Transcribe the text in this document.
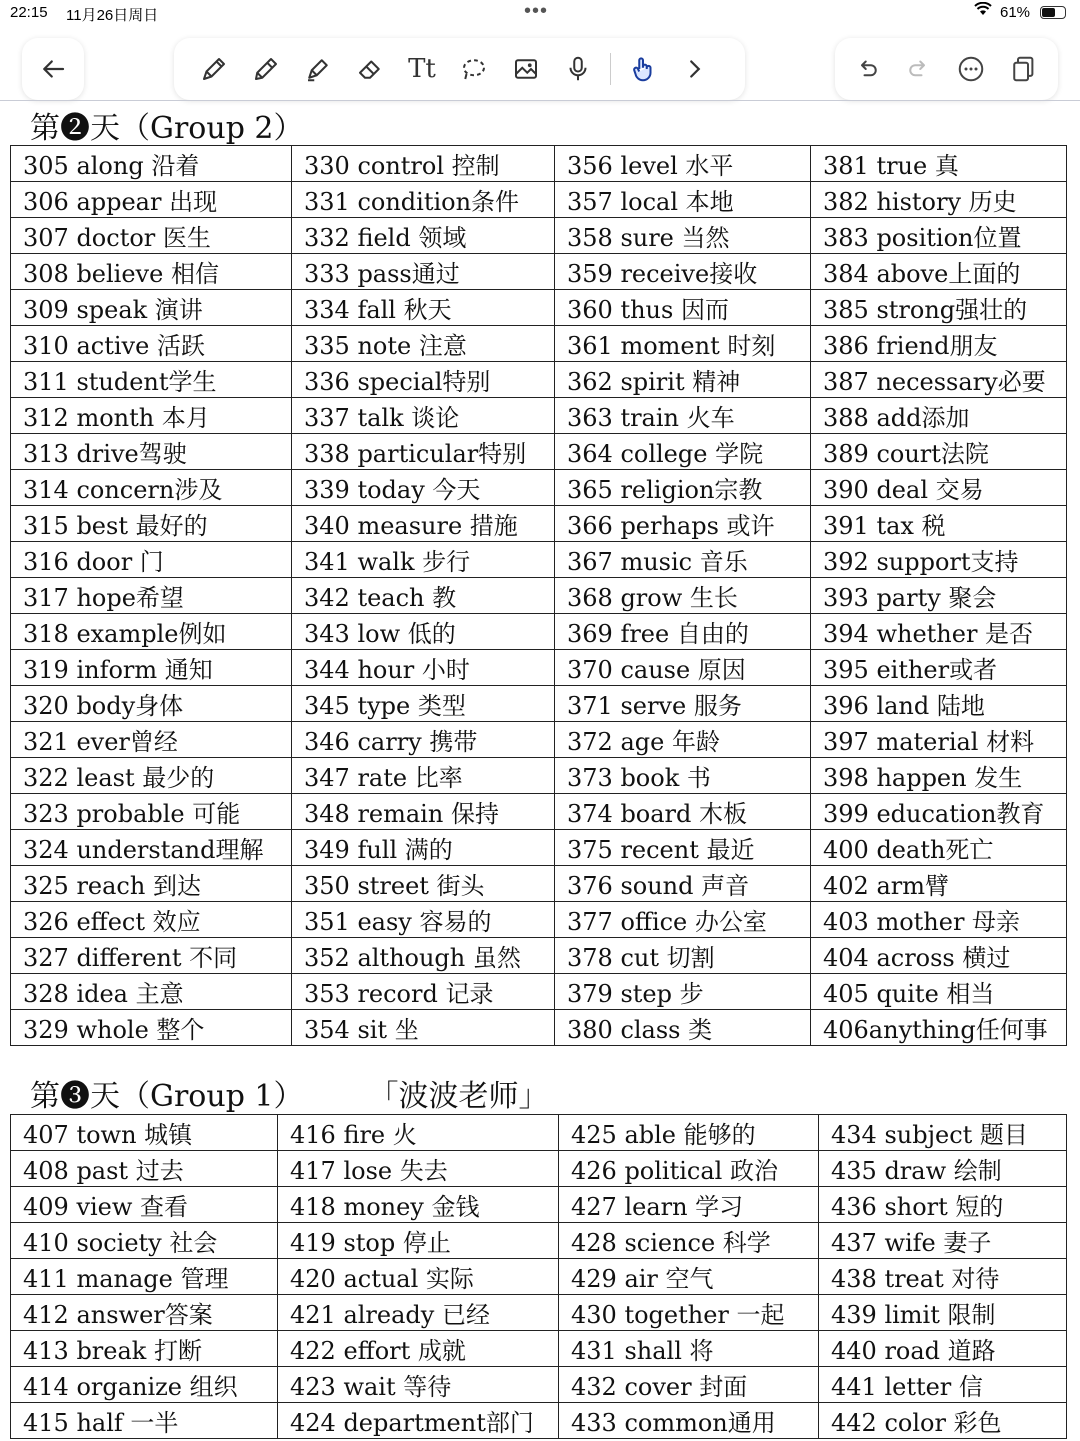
22:15 11月26日周日	•••	61%
Tt
第❷天（Group 2）
305 along 沿着	330 control 控制	356 level 水平	381 true 真
306 appear 出现	331 condition条件	357 local 本地	382 history 历史
307 doctor 医生	332 field 领域	358 sure 当然	383 position位置
308 believe 相信	333 pass通过	359 receive接收	384 above上面的
309 speak 演讲	334 fall 秋天	360 thus 因而	385 strong强壮的
310 active 活跃	335 note 注意	361 moment 时刻	386 friend朋友
311 student学生	336 special特别	362 spirit 精神	387 necessary必要
312 month 本月	337 talk 谈论	363 train 火车	388 add添加
313 drive驾驶	338 particular特别	364 college 学院	389 court法院
314 concern涉及	339 today 今天	365 religion宗教	390 deal 交易
315 best 最好的	340 measure 措施	366 perhaps 或许	391 tax 税
316 door 门	341 walk 步行	367 music 音乐	392 support支持
317 hope希望	342 teach 教	368 grow 生长	393 party 聚会
318 example例如	343 low 低的	369 free 自由的	394 whether 是否
319 inform 通知	344 hour 小时	370 cause 原因	395 either或者
320 body身体	345 type 类型	371 serve 服务	396 land 陆地
321 ever曾经	346 carry 携带	372 age 年龄	397 material 材料
322 least 最少的	347 rate 比率	373 book 书	398 happen 发生
323 probable 可能	348 remain 保持	374 board 木板	399 education教育
324 understand理解	349 full 满的	375 recent 最近	400 death死亡
325 reach 到达	350 street 街头	376 sound 声音	402 arm臂
326 effect 效应	351 easy 容易的	377 office 办公室	403 mother 母亲
327 different 不同	352 although 虽然	378 cut 切割	404 across 横过
328 idea 主意	353 record 记录	379 step 步	405 quite 相当
329 whole 整个	354 sit 坐	380 class 类	406anything任何事
第❸天（Group 1）	「波波老师」
407 town 城镇	416 fire 火	425 able 能够的	434 subject 题目
408 past 过去	417 lose 失去	426 political 政治	435 draw 绘制
409 view 查看	418 money 金钱	427 learn 学习	436 short 短的
410 society 社会	419 stop 停止	428 science 科学	437 wife 妻子
411 manage 管理	420 actual 实际	429 air 空气	438 treat 对待
412 answer答案	421 already 已经	430 together 一起	439 limit 限制
413 break 打断	422 effort 成就	431 shall 将	440 road 道路
414 organize 组织	423 wait 等待	432 cover 封面	441 letter 信
415 half 一半	424 department部门	433 common通用	442 color 彩色
